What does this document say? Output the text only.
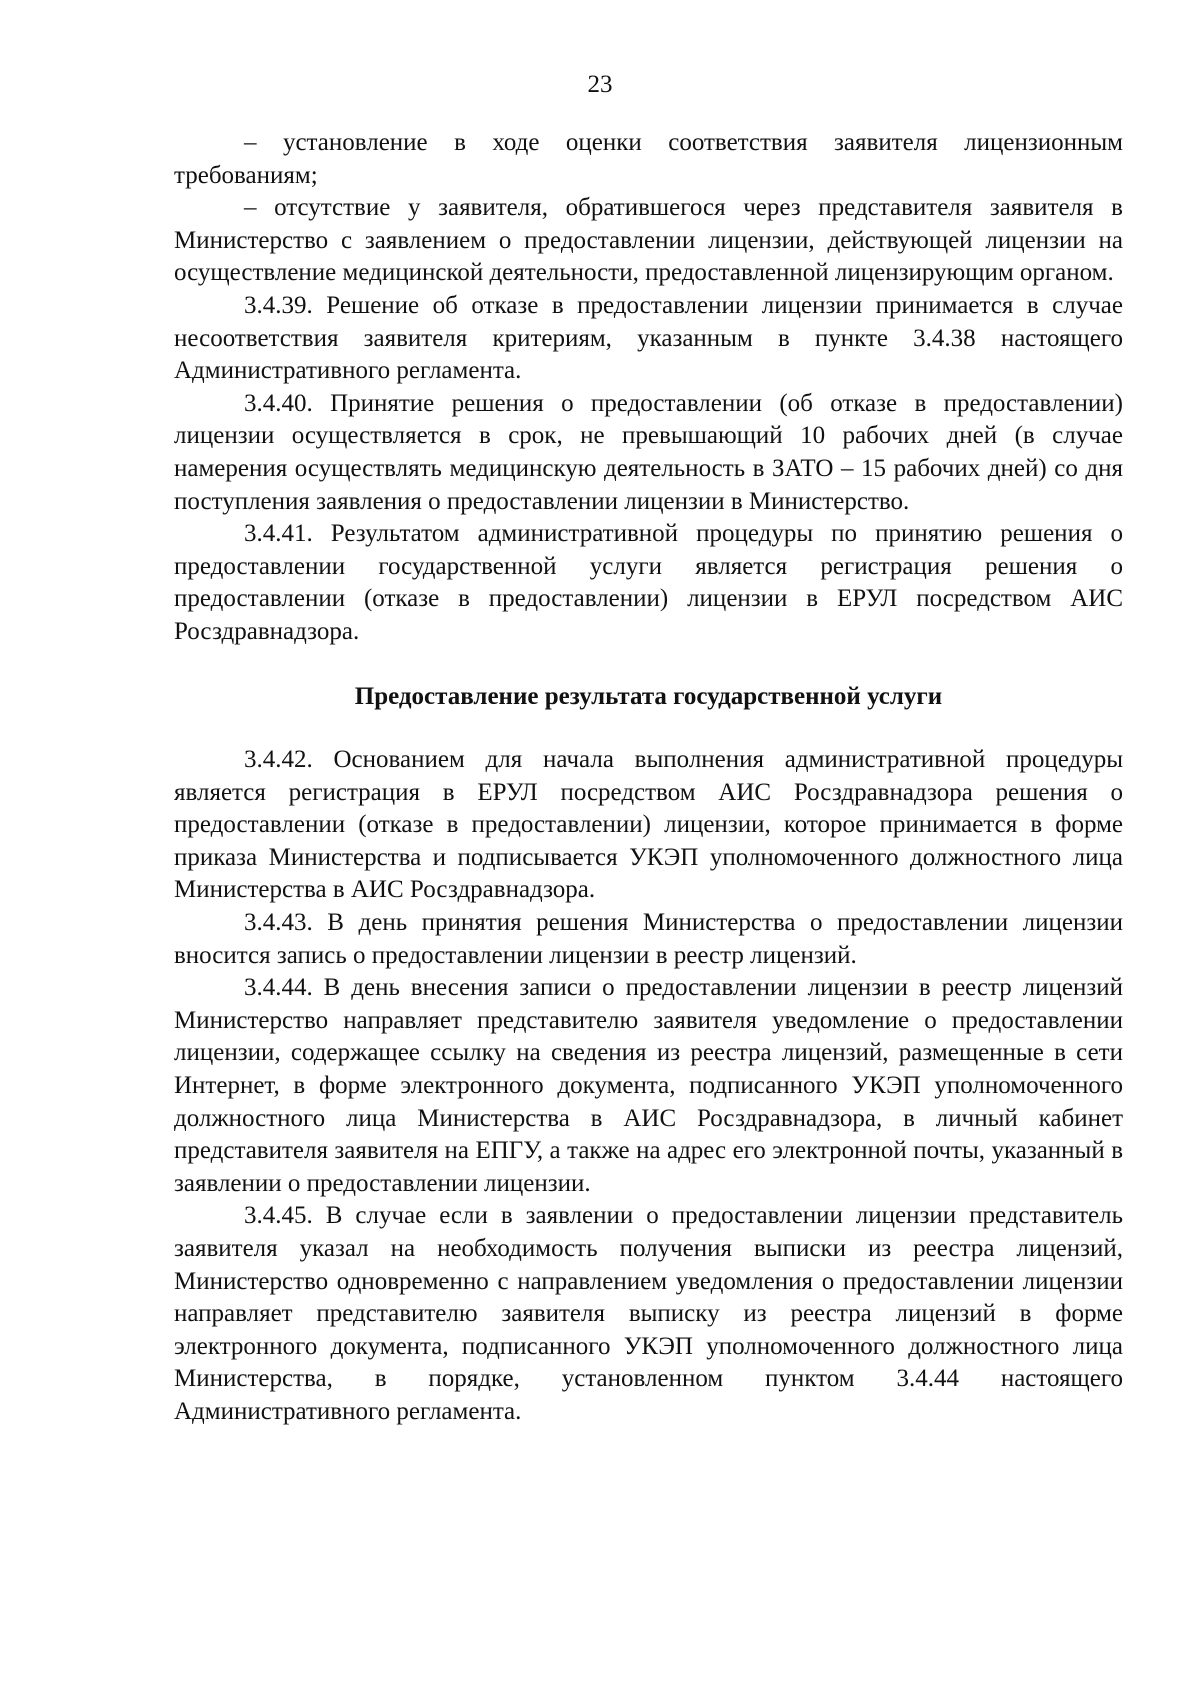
23

– установление в ходе оценки соответствия заявителя лицензионным требованиям;

– отсутствие у заявителя, обратившегося через представителя заявителя в Министерство с заявлением о предоставлении лицензии, действующей лицензии на осуществление медицинской деятельности, предоставленной лицензирующим органом.

3.4.39. Решение об отказе в предоставлении лицензии принимается в случае несоответствия заявителя критериям, указанным в пункте 3.4.38 настоящего Административного регламента.

3.4.40. Принятие решения о предоставлении (об отказе в предоставлении) лицензии осуществляется в срок, не превышающий 10 рабочих дней (в случае намерения осуществлять медицинскую деятельность в ЗАТО – 15 рабочих дней) со дня поступления заявления о предоставлении лицензии в Министерство.

3.4.41. Результатом административной процедуры по принятию решения о предоставлении государственной услуги является регистрация решения о предоставлении (отказе в предоставлении) лицензии в ЕРУЛ посредством АИС Росздравнадзора.

Предоставление результата государственной услуги

3.4.42. Основанием для начала выполнения административной процедуры является регистрация в ЕРУЛ посредством АИС Росздравнадзора решения о предоставлении (отказе в предоставлении) лицензии, которое принимается в форме приказа Министерства и подписывается УКЭП уполномоченного должностного лица Министерства в АИС Росздравнадзора.

3.4.43. В день принятия решения Министерства о предоставлении лицензии вносится запись о предоставлении лицензии в реестр лицензий.

3.4.44. В день внесения записи о предоставлении лицензии в реестр лицензий Министерство направляет представителю заявителя уведомление о предоставлении лицензии, содержащее ссылку на сведения из реестра лицензий, размещенные в сети Интернет, в форме электронного документа, подписанного УКЭП уполномоченного должностного лица Министерства в АИС Росздравнадзора, в личный кабинет представителя заявителя на ЕПГУ, а также на адрес его электронной почты, указанный в заявлении о предоставлении лицензии.

3.4.45. В случае если в заявлении о предоставлении лицензии представитель заявителя указал на необходимость получения выписки из реестра лицензий, Министерство одновременно с направлением уведомления о предоставлении лицензии направляет представителю заявителя выписку из реестра лицензий в форме электронного документа, подписанного УКЭП уполномоченного должностного лица Министерства, в порядке, установленном пунктом 3.4.44 настоящего Административного регламента.
